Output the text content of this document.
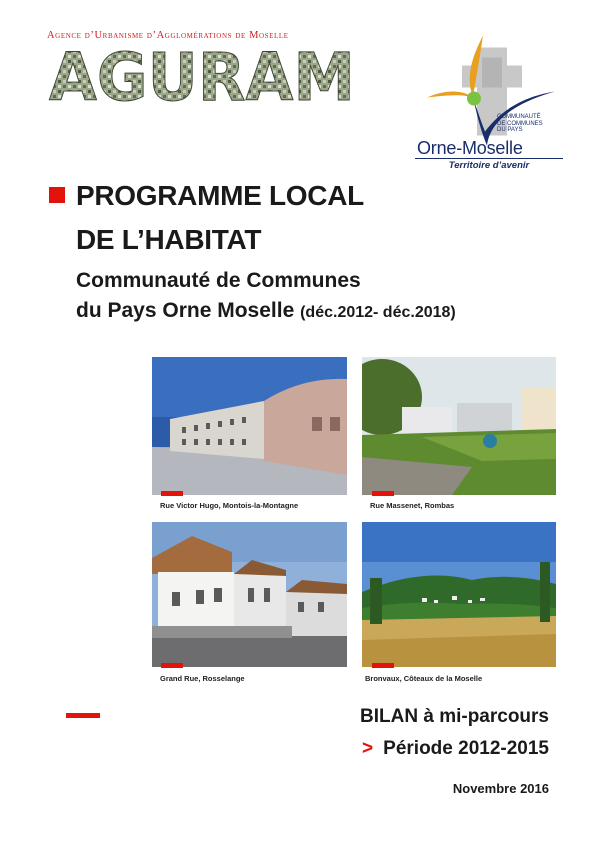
Agence d’Urbanisme d’Agglomérations de Moselle
AGURAM
COMMUNAUTÉ
DE COMMUNES
DU PAYS
Orne-Moselle
Territoire d’avenir
PROGRAMME LOCAL
DE L’HABITAT
Communauté de Communes
du Pays Orne Moselle (déc.2012- déc.2018)
Rue Victor Hugo, Montois-la-Montagne	Rue Massenet, Rombas
Grand Rue, Rosselange	Bronvaux, Côteaux de la Moselle
BILAN à mi-parcours
> Période 2012-2015
Novembre 2016
